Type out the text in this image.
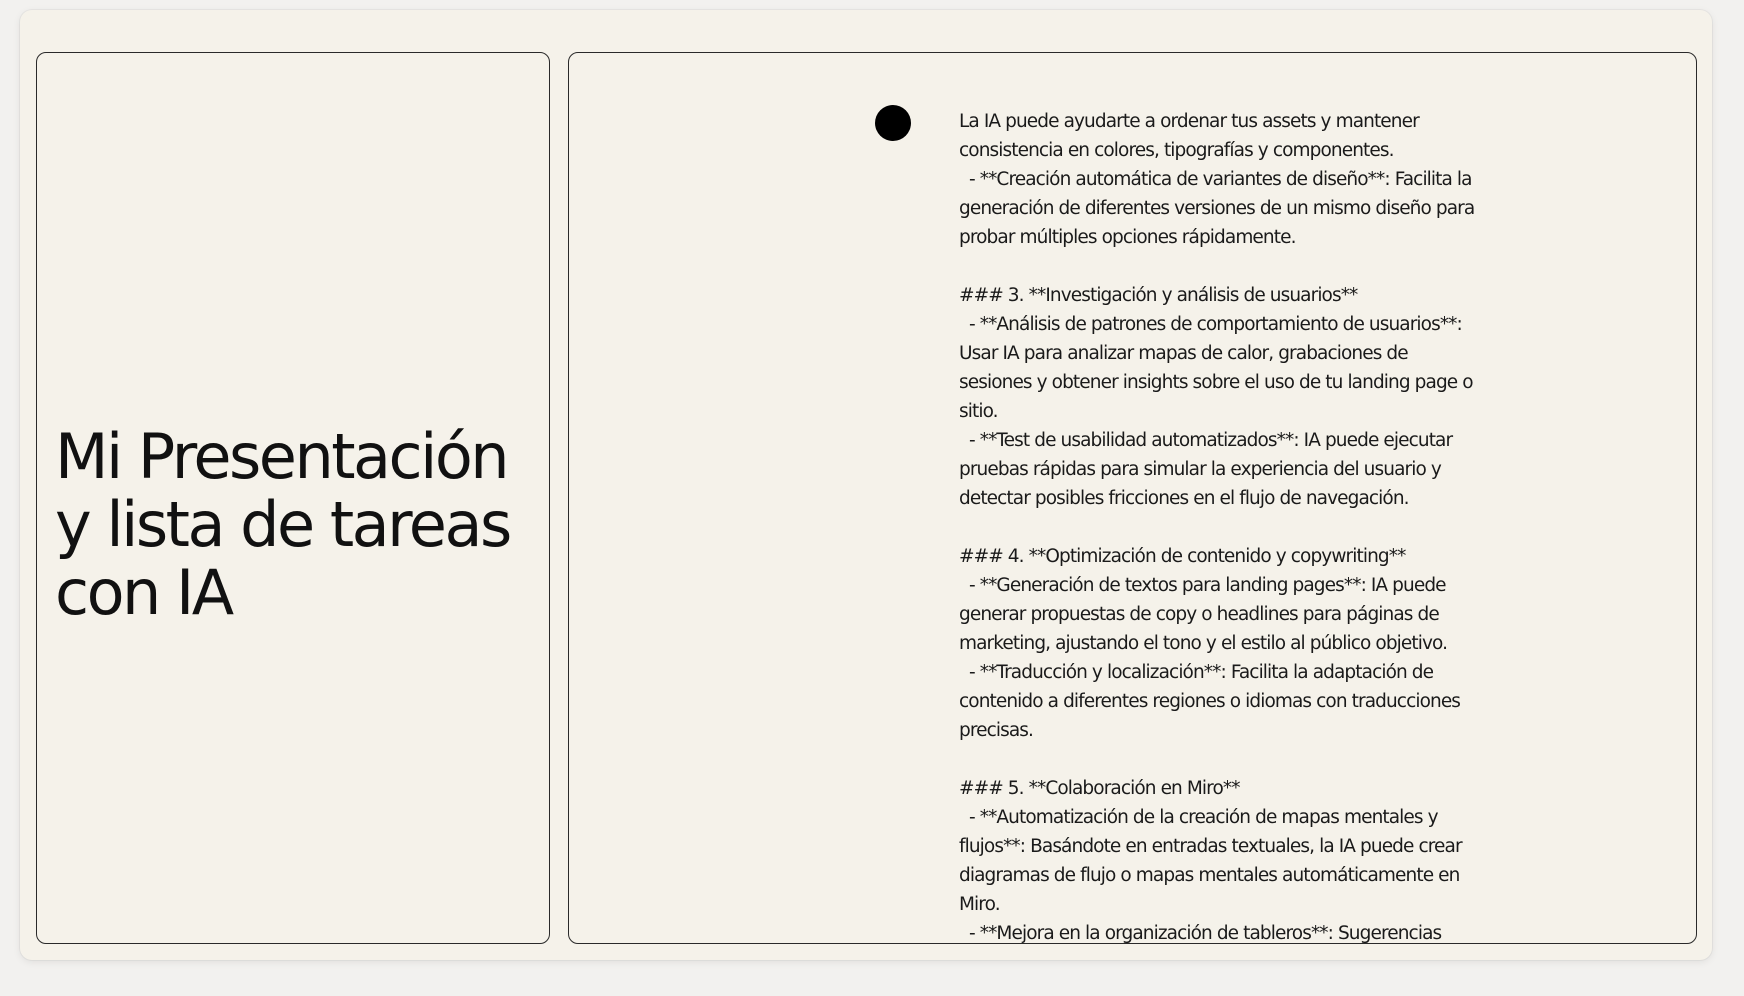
Mi Presentación y lista de tareas con IA

La IA puede ayudarte a ordenar tus assets y mantener consistencia en colores, tipografías y componentes.
- **Creación automática de variantes de diseño**: Facilita la generación de diferentes versiones de un mismo diseño para probar múltiples opciones rápidamente.

### 3. **Investigación y análisis de usuarios**
- **Análisis de patrones de comportamiento de usuarios**: Usar IA para analizar mapas de calor, grabaciones de sesiones y obtener insights sobre el uso de tu landing page o sitio.
- **Test de usabilidad automatizados**: IA puede ejecutar pruebas rápidas para simular la experiencia del usuario y detectar posibles fricciones en el flujo de navegación.

### 4. **Optimización de contenido y copywriting**
- **Generación de textos para landing pages**: IA puede generar propuestas de copy o headlines para páginas de marketing, ajustando el tono y el estilo al público objetivo.
- **Traducción y localización**: Facilita la adaptación de contenido a diferentes regiones o idiomas con traducciones precisas.

### 5. **Colaboración en Miro**
- **Automatización de la creación de mapas mentales y flujos**: Basándote en entradas textuales, la IA puede crear diagramas de flujo o mapas mentales automáticamente en Miro.
- **Mejora en la organización de tableros**: Sugerencias
